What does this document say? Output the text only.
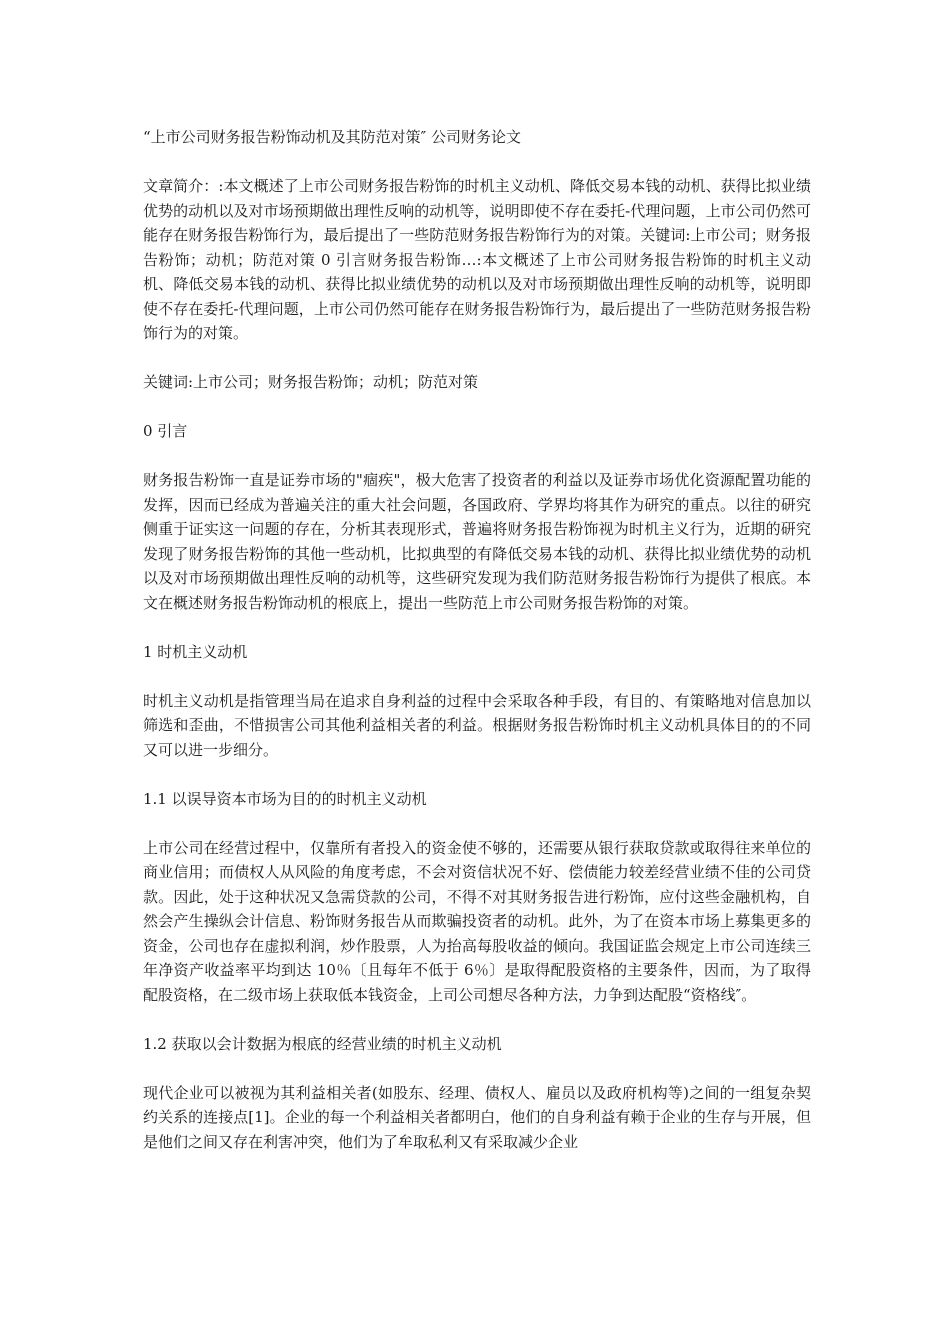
“上市公司财务报告粉饰动机及其防范对策″ 公司财务论文

文章简介：:本文概述了上市公司财务报告粉饰的时机主义动机、降低交易本钱的动机、获得比拟业绩优势的动机以及对市场预期做出理性反响的动机等，说明即使不存在委托-代理问题，上市公司仍然可能存在财务报告粉饰行为，最后提出了一些防范财务报告粉饰行为的对策。关键词:上市公司；财务报告粉饰；动机；防范对策 0 引言财务报告粉饰…:本文概述了上市公司财务报告粉饰的时机主义动机、降低交易本钱的动机、获得比拟业绩优势的动机以及对市场预期做出理性反响的动机等，说明即使不存在委托-代理问题，上市公司仍然可能存在财务报告粉饰行为，最后提出了一些防范财务报告粉饰行为的对策。

关键词:上市公司；财务报告粉饰；动机；防范对策

0 引言

财务报告粉饰一直是证券市场的"痼疾"，极大危害了投资者的利益以及证券市场优化资源配置功能的发挥，因而已经成为普遍关注的重大社会问题，各国政府、学界均将其作为研究的重点。以往的研究侧重于证实这一问题的存在，分析其表现形式，普遍将财务报告粉饰视为时机主义行为，近期的研究发现了财务报告粉饰的其他一些动机，比拟典型的有降低交易本钱的动机、获得比拟业绩优势的动机以及对市场预期做出理性反响的动机等，这些研究发现为我们防范财务报告粉饰行为提供了根底。本文在概述财务报告粉饰动机的根底上，提出一些防范上市公司财务报告粉饰的对策。

1 时机主义动机

时机主义动机是指管理当局在追求自身利益的过程中会采取各种手段，有目的、有策略地对信息加以筛选和歪曲，不惜损害公司其他利益相关者的利益。根据财务报告粉饰时机主义动机具体目的的不同又可以进一步细分。

1.1 以误导资本市场为目的的时机主义动机

上市公司在经营过程中，仅靠所有者投入的资金使不够的，还需要从银行获取贷款或取得往来单位的商业信用；而债权人从风险的角度考虑，不会对资信状况不好、偿债能力较差经营业绩不佳的公司贷款。因此，处于这种状况又急需贷款的公司，不得不对其财务报告进行粉饰，应付这些金融机构，自然会产生操纵会计信息、粉饰财务报告从而欺骗投资者的动机。此外，为了在资本市场上募集更多的资金，公司也存在虚拟利润，炒作股票，人为抬高每股收益的倾向。我国证监会规定上市公司连续三年净资产收益率平均到达 10％〔且每年不低于 6％〕是取得配股资格的主要条件，因而，为了取得配股资格，在二级市场上获取低本钱资金，上司公司想尽各种方法，力争到达配股“资格线″。

1.2 获取以会计数据为根底的经营业绩的时机主义动机

现代企业可以被视为其利益相关者(如股东、经理、债权人、雇员以及政府机构等)之间的一组复杂契约关系的连接点[1]。企业的每一个利益相关者都明白，他们的自身利益有赖于企业的生存与开展，但是他们之间又存在利害冲突，他们为了牟取私利又有采取减少企业
